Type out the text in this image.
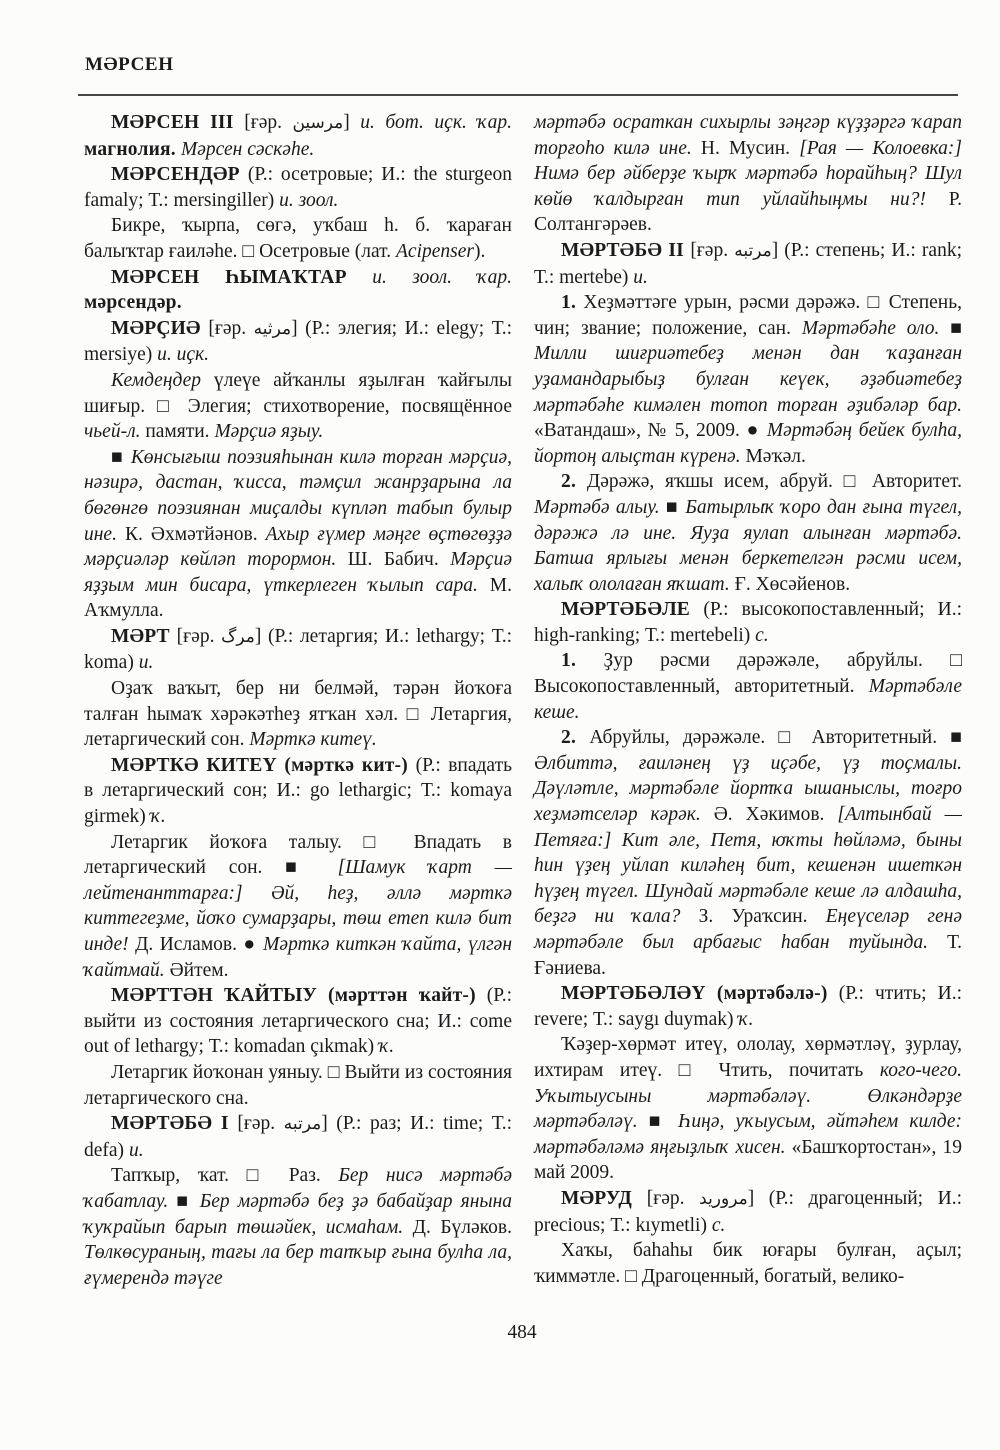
МӘРСЕН

МӘРСЕН III [ғәр. مرسين] и. бот. иҫк. ҡар. магнолия. Мәрсен сәскәһе.

МӘРСЕНДӘР (Р.: осетровые; И.: the sturgeon famaly; Т.: mersingiller) и. зоол.

Бикре, ҡырпа, сөгә, уҡбаш һ. б. ҡараған балыҡтар ғаиләһе. □ Осетровые (лат. Acipenser).

МӘРСЕН ҺЫМАҠТАР и. зоол. ҡар. мәрсендәр.

МӘРҪИӘ [ғәр. مرثيه] (Р.: элегия; И.: elegy; Т.: mersiye) и. иҫк.

Кемдеңдер үлеүе айҡанлы яҙылған ҡайғылы шиғыр. □ Элегия; стихотворение, посвящённое чьей-л. памяти. Мәрҫиә яҙыу.

■ Көнсығыш поэзияһынан килә торған мәрҫиә, нәзирә, дастан, ҡисса, тәмҫил жанрҙарына ла бөгөнгө поэзиянан миҫалды күпләп табып булыр ине. К. Әхмәтйәнов. Ахыр ғүмер мәңге өҫтөгөҙҙә мәрҫиәләр көйләп торормон. Ш. Бабич. Мәрҫиә яҙҙым мин бисара, үткерлеген ҡылып сара. М. Аҡмулла.

МӘРТ [ғәр. مرگ] (Р.: летаргия; И.: lethargy; Т.: koma) и.

Оҙаҡ ваҡыт, бер ни белмәй, тәрән йоҡоға талған һымаҡ хәрәкәтһеҙ ятҡан хәл. □ Летаргия, летаргический сон. Мәрткә китеү.

МӘРТКӘ КИТЕҮ (мәрткә кит-) (Р.: впадать в летаргический сон; И.: go lethargic; Т.: komaya girmek) ҡ.

Летаргик йоҡоға талыу. □ Впадать в летаргический сон. ■ [Шамук ҡарт — лейтенанттарға:] Әй, һеҙ, әллә мәрткә киттегеҙме, йоҡо сумарҙары, төш етеп килә бит инде! Д. Исламов. ● Мәрткә киткән ҡайта, үлгән ҡайтмай. Әйтем.

МӘРТТӘН ҠАЙТЫУ (мәрттән ҡайт-) (Р.: выйти из состояния летаргического сна; И.: come out of lethargy; Т.: komadan çıkmak) ҡ.

Летаргик йоҡонан уяныу. □ Выйти из состояния летаргического сна.

МӘРТӘБӘ I [ғәр. مرتبه] (Р.: раз; И.: time; Т.: defa) и.

Тапҡыр, ҡат. □ Раз. Бер нисә мәртәбә ҡабатлау. ■ Бер мәртәбә беҙ ҙә бабайҙар янына ҡуҡрайып барып төшәйек, исмаһам. Д. Бүләков. Төлкөсураның, тағы ла бер тапҡыр ғына булһа ла, ғүмерендә тәүге

мәртәбә осраткан сихырлы зәңгәр күҙҙәргә ҡарап торғоһо килә ине. Н. Мусин. [Рая — Колоевка:] Нимә бер әйберҙе ҡырҡ мәртәбә һорайһың? Шул көйө ҡалдырған тип уйлайһыңмы ни?! Р. Солтангәрәев.

МӘРТӘБӘ II [ғәр. مرتبه] (Р.: степень; И.: rank; Т.: mertebe) и.

1. Хеҙмәттәге урын, рәсми дәрәжә. □ Степень, чин; звание; положение, сан. Мәртәбәһе оло. ■ Милли шиғриәтебеҙ менән дан ҡаҙанған уҙамандарыбыҙ булған кеүек, әҙәбиәтебеҙ мәртәбәһе кимәлен тотоп торған әҙибәләр бар. «Ватандаш», № 5, 2009. ● Мәртәбәң бейек булһа, йортоң алыҫтан күренә. Мәҡәл.

2. Дәрәжә, яҡшы исем, абруй. □ Авторитет. Мәртәбә алыу. ■ Батырлыҡ ҡоро дан ғына түгел, дәрәжә лә ине. Яуҙа яулап алынған мәртәбә. Батша ярлығы менән беркетелгән рәсми исем, халыҡ ололаған яҡшат. Ғ. Хөсәйенов.

МӘРТӘБӘЛЕ (Р.: высокопоставленный; И.: high-ranking; Т.: mertebeli) с.

1. Ҙур рәсми дәрәжәле, абруйлы. □ Высокопоставленный, авторитетный. Мәртәбәле кеше.

2. Абруйлы, дәрәжәле. □ Авторитетный. ■ Әлбиттә, ғаиләнең үҙ иҫәбе, үҙ тоҫмалы. Дәүләтле, мәртәбәле йортҡа ышаныслы, тоғро хеҙмәтселәр кәрәк. Ә. Хәкимов. [Алтынбай — Петяға:] Кит әле, Петя, юҡты һөйләмә, быны һин үҙең уйлап киләһең бит, кешенән ишеткән һүҙең түгел. Шундай мәртәбәле кеше лә алдашһа, беҙгә ни ҡала? З. Ураҡсин. Еңеүселәр генә мәртәбәле был арбағыс һабан туйында. Т. Ғәниева.

МӘРТӘБӘЛӘҮ (мәртәбәлә-) (Р.: чтить; И.: revere; Т.: saygı duymak) ҡ.

Ҡәҙер-хөрмәт итеү, ололау, хөрмәтләү, ҙурлау, ихтирам итеү. □ Чтить, почитать кого-чего. Уҡытыусыны мәртәбәләү. Өлкәндәрҙе мәртәбәләү. ■ Һиңә, уҡыусым, әйтәһем килде: мәртәбәләмә яңғыҙлыҡ хисен. «Башҡортостан», 19 май 2009.

МӘРУД [ғәр. مروريد] (Р.: драгоценный; И.: precious; Т.: kıymetli) с.

Хаҡы, баһаһы бик юғары булған, аҫыл; ҡиммәтле. □ Драгоценный, богатый, велико-

484
